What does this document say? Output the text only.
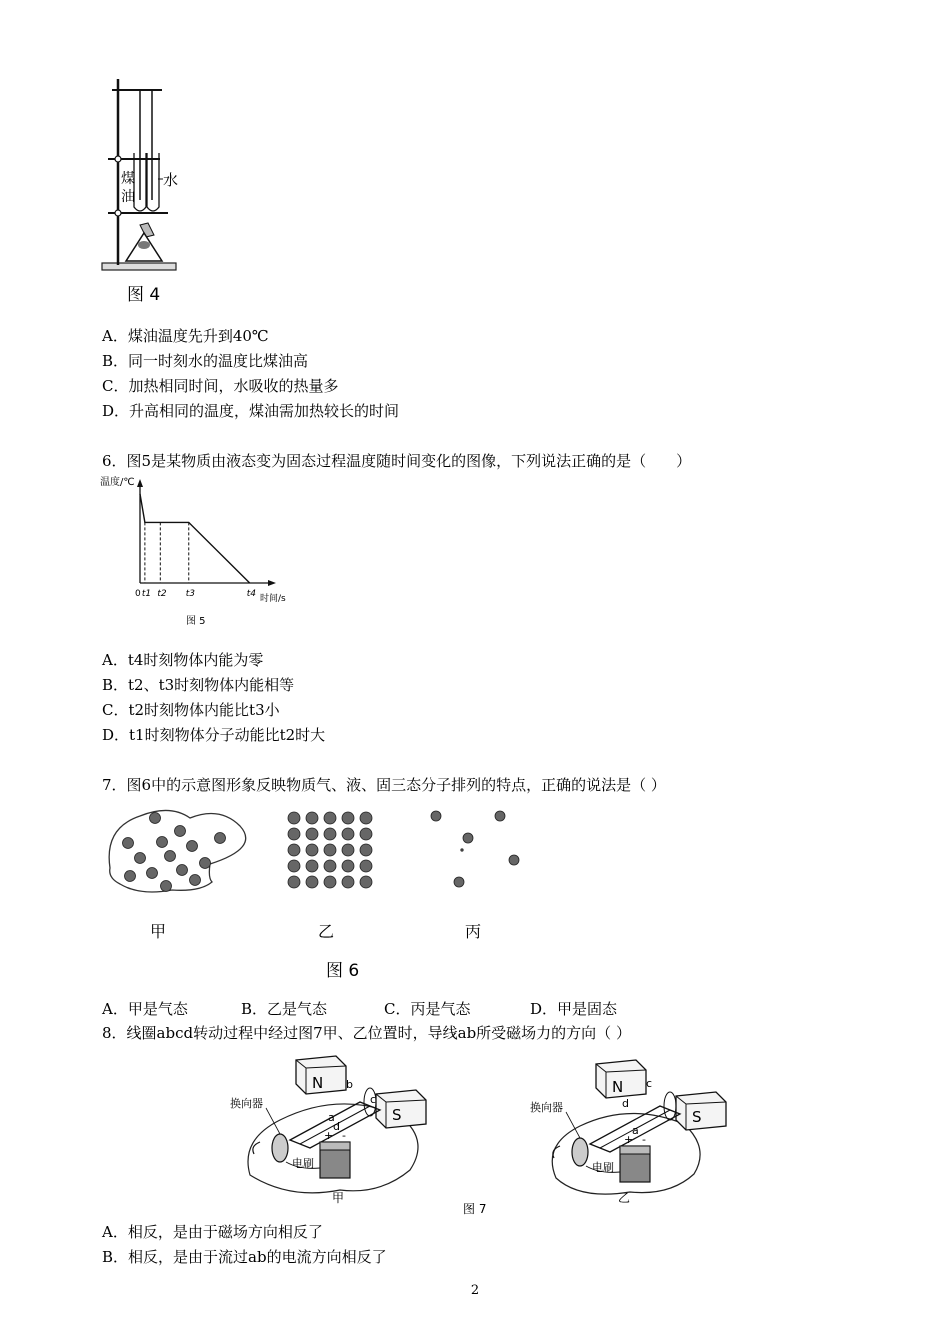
煤
油
水
图 4
A．煤油温度先升到40℃
B．同一时刻水的温度比煤油高
C．加热相同时间，水吸收的热量多
D．升高相同的温度，煤油需加热较长的时间
6．图5是某物质由液态变为固态过程温度随时间变化的图像，下列说法正确的是（　　）
温度/℃
时间/s
0 t1 t2 t3	t4
图 5
A．t4时刻物体内能为零
B．t2、t3时刻物体内能相等
C．t2时刻物体内能比t3小
D．t1时刻物体分子动能比t2时大
7．图6中的示意图形象反映物质气、液、固三态分子排列的特点，正确的说法是（ ）
甲	乙	丙
图 6
A．甲是气态	B．乙是气态	C．丙是气态	D．甲是固态
8．线圈abcd转动过程中经过图7甲、乙位置时，导线ab所受磁场力的方向（ ）
N
S
换向器
电刷
a
b
c
d
+ -
甲
N
S
换向器
电刷
c
d
a
+ -
乙
图 7
A．相反，是由于磁场方向相反了
B．相反，是由于流过ab的电流方向相反了
2
